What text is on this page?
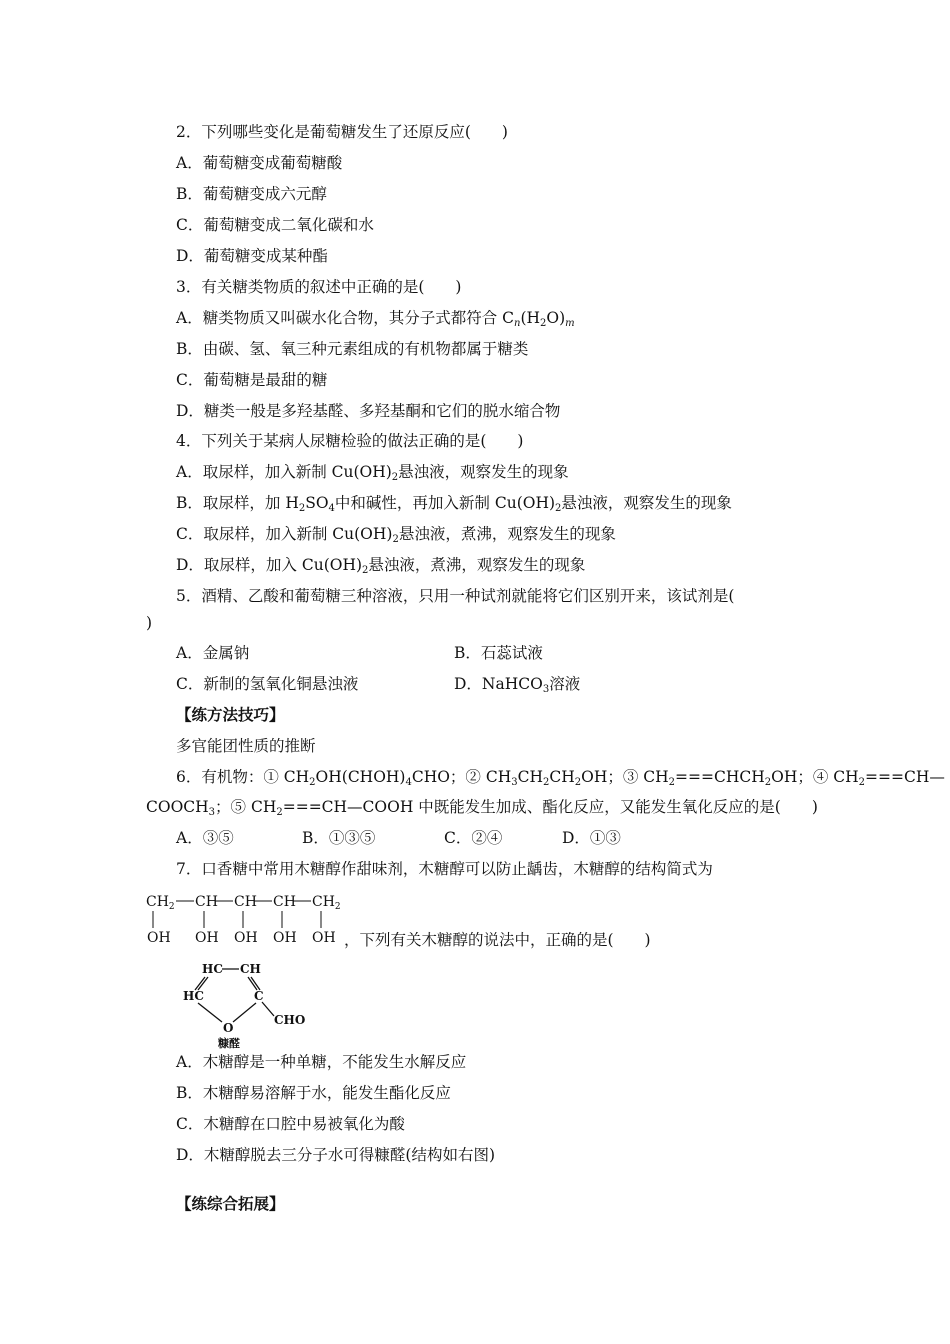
2．下列哪些变化是葡萄糖发生了还原反应(　　)
A．葡萄糖变成葡萄糖酸
B．葡萄糖变成六元醇
C．葡萄糖变成二氧化碳和水
D．葡萄糖变成某种酯
3．有关糖类物质的叙述中正确的是(　　)
A．糖类物质又叫碳水化合物，其分子式都符合 $C_n(H_2O)_m$
B．由碳、氢、氧三种元素组成的有机物都属于糖类
C．葡萄糖是最甜的糖
D．糖类一般是多羟基醛、多羟基酮和它们的脱水缩合物
4．下列关于某病人尿糖检验的做法正确的是(　　)
A．取尿样，加入新制 $Cu(OH)_2$悬浊液，观察发生的现象
B．取尿样，加 $H_2SO_4$中和碱性，再加入新制 $Cu(OH)_2$悬浊液，观察发生的现象
C．取尿样，加入新制 $Cu(OH)_2$悬浊液，煮沸，观察发生的现象
D．取尿样，加入 $Cu(OH)_2$悬浊液，煮沸，观察发生的现象
5．酒精、乙酸和葡萄糖三种溶液，只用一种试剂就能将它们区别开来，该试剂是(
)
A．金属钠	B．石蕊试液
C．新制的氢氧化铜悬浊液	D．NaHCO$_3$溶液
【练方法技巧】
多官能团性质的推断
6．有机物：① $CH_2OH(CHOH)_4CHO$；② $CH_3CH_2CH_2OH$；③ $CH_2===CHCH_2OH$；④ $CH_2===CH—$
$COOCH_3$；⑤ $CH_2===CH—COOH$ 中既能发生加成、酯化反应，又能发生氧化反应的是(　　)
A．③⑤	B．①③⑤	C．②④	D．①③
7．口香糖中常用木糖醇作甜味剂，木糖醇可以防止龋齿，木糖醇的结构简式为
$CH_2$ CH CH CH $CH_2$
OH OH OH OH OH ，下列有关木糖醇的说法中，正确的是(　　)
HC CH
HC	C
O
CHO
糠醛
A．木糖醇是一种单糖，不能发生水解反应
B．木糖醇易溶解于水，能发生酯化反应
C．木糖醇在口腔中易被氧化为酸
D．木糖醇脱去三分子水可得糠醛(结构如右图)
【练综合拓展】
